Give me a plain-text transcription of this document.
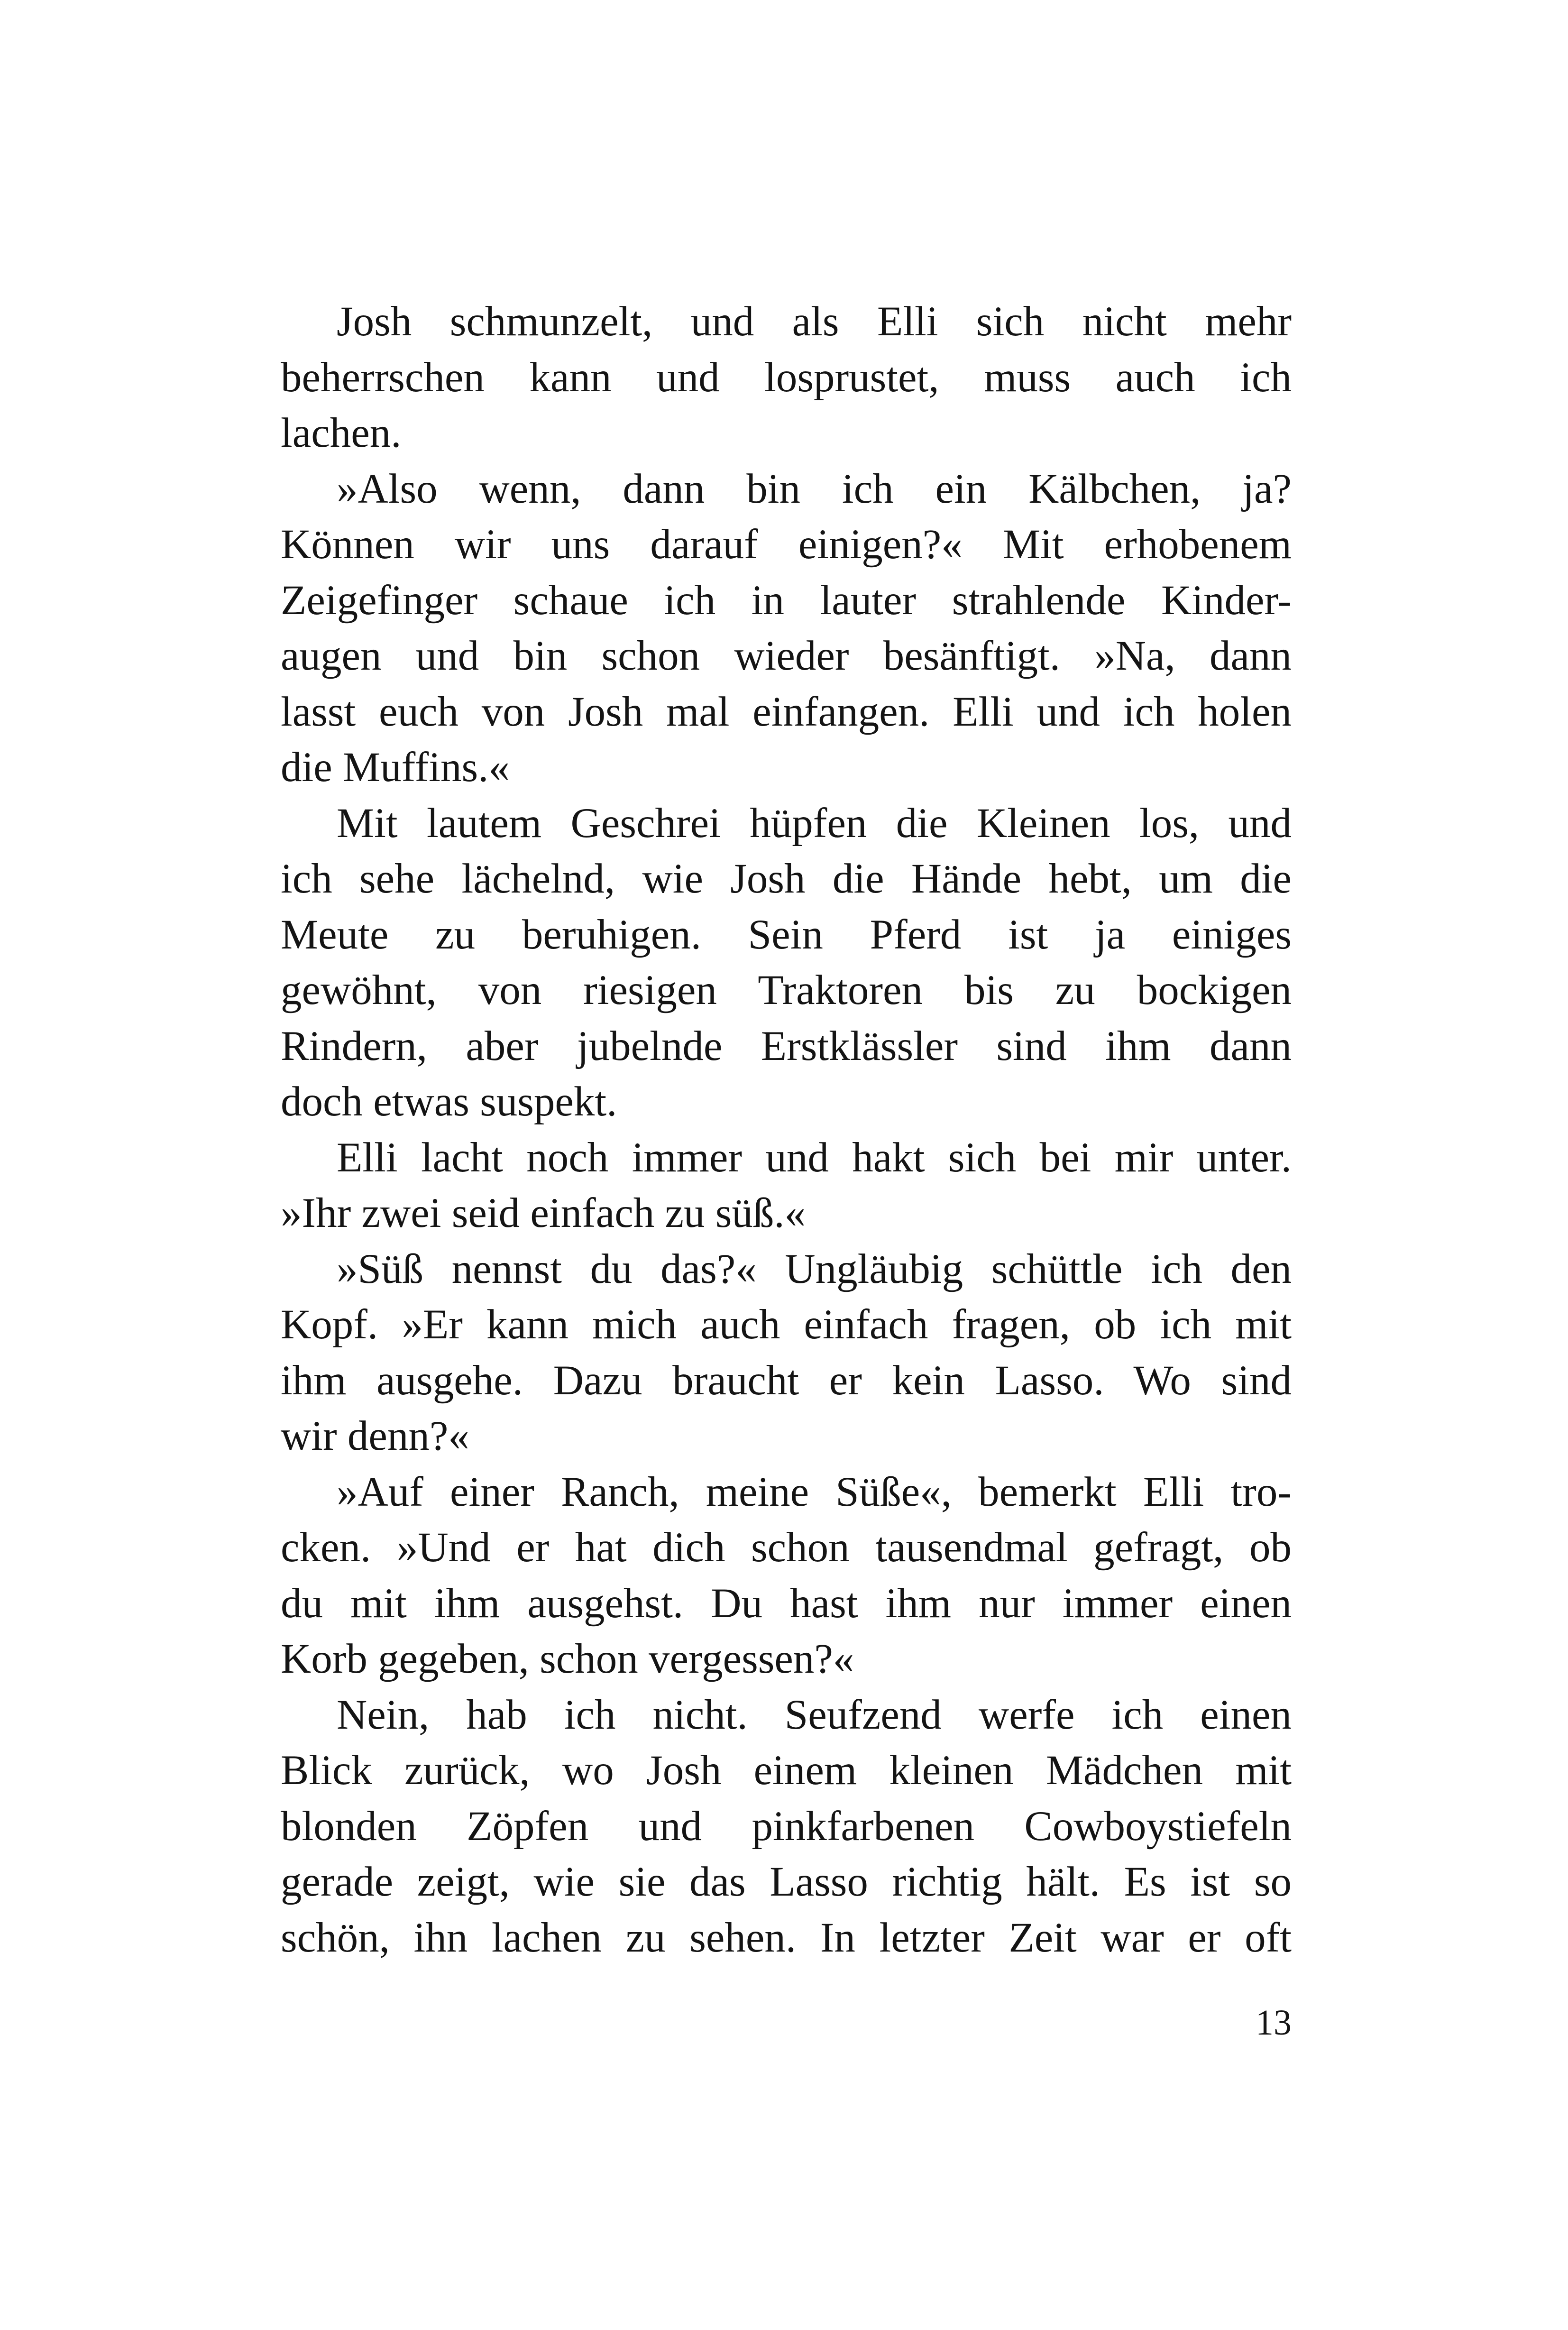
Josh schmunzelt, und als Elli sich nicht mehr
beherrschen kann und losprustet, muss auch ich
lachen.
»Also wenn, dann bin ich ein Kälbchen, ja?
Können wir uns darauf einigen?« Mit erhobenem
Zeigefinger schaue ich in lauter strahlende Kinder-
augen und bin schon wieder besänftigt. »Na, dann
lasst euch von Josh mal einfangen. Elli und ich holen
die Muffins.«
Mit lautem Geschrei hüpfen die Kleinen los, und
ich sehe lächelnd, wie Josh die Hände hebt, um die
Meute zu beruhigen. Sein Pferd ist ja einiges
gewöhnt, von riesigen Traktoren bis zu bockigen
Rindern, aber jubelnde Erstklässler sind ihm dann
doch etwas suspekt.
Elli lacht noch immer und hakt sich bei mir unter.
»Ihr zwei seid einfach zu süß.«
»Süß nennst du das?« Ungläubig schüttle ich den
Kopf. »Er kann mich auch einfach fragen, ob ich mit
ihm ausgehe. Dazu braucht er kein Lasso. Wo sind
wir denn?«
»Auf einer Ranch, meine Süße«, bemerkt Elli tro-
cken. »Und er hat dich schon tausendmal gefragt, ob
du mit ihm ausgehst. Du hast ihm nur immer einen
Korb gegeben, schon vergessen?«
Nein, hab ich nicht. Seufzend werfe ich einen
Blick zurück, wo Josh einem kleinen Mädchen mit
blonden Zöpfen und pinkfarbenen Cowboystiefeln
gerade zeigt, wie sie das Lasso richtig hält. Es ist so
schön, ihn lachen zu sehen. In letzter Zeit war er oft
13
